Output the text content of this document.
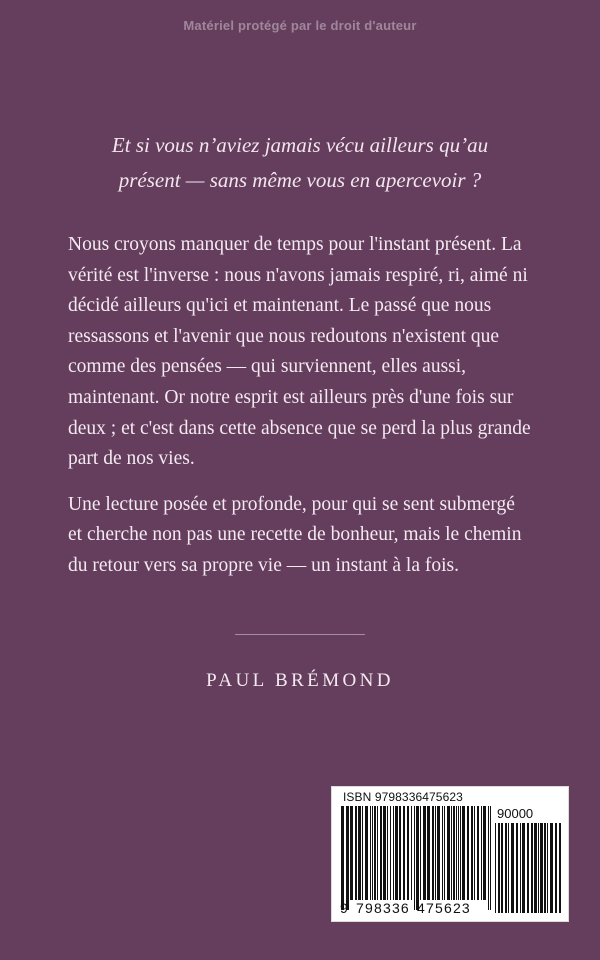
Matériel protégé par le droit d'auteur
Et si vous n’aviez jamais vécu ailleurs qu’au
présent — sans même vous en apercevoir ?

Nous croyons manquer de temps pour l'instant présent. La vérité est l'inverse : nous n'avons jamais respiré, ri, aimé ni décidé ailleurs qu'ici et maintenant. Le passé que nous ressassons et l'avenir que nous redoutons n'existent que comme des pensées — qui surviennent, elles aussi, maintenant. Or notre esprit est ailleurs près d'une fois sur deux ; et c'est dans cette absence que se perd la plus grande part de nos vies.

Une lecture posée et profonde, pour qui se sent submergé et cherche non pas une recette de bonheur, mais le chemin du retour vers sa propre vie — un instant à la fois.

PAUL BRÉMOND
ISBN 9798336475623
90000
9 798336 475623
